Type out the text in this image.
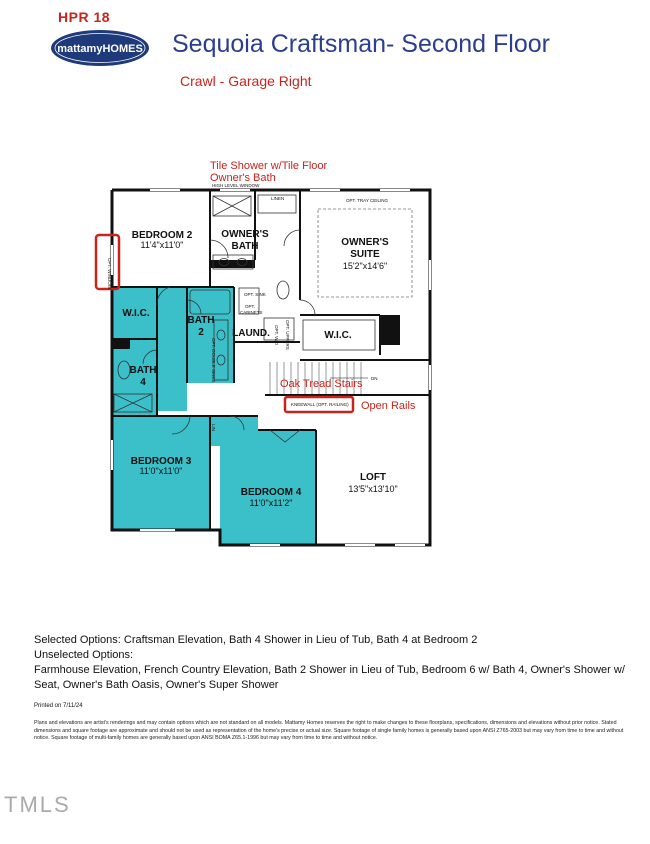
HPR 18
mattamyHOMES Sequoia Craftsman- Second Floor
Crawl - Garage Right
HIGH LEVEL WINDOW
LINEN	OPT. TRAY CEILING
OPT. WINDOW
OPT. SINK
OPT.
CABINETS
OPT. W/D OPT. UPPERS
OPT. DOUBLE SINKS
LIN
DN
KNEEWALL (OPT. RAILING)
BEDROOM 2
11'4"x11'0"
OWNER'S
BATH	OWNER'S
SUITE
15'2"x14'6"
W.I.C.
BATH
2	LAUND.	W.I.C.
BATH
4
BEDROOM 3
11'0"x11'0"
BEDROOM 4
11'0"x11'2"
LOFT
13'5"x13'10"
Tile Shower w/Tile Floor
Owner's Bath
Oak Tread Stairs
Open Rails
Selected Options: Craftsman Elevation, Bath 4 Shower in Lieu of Tub, Bath 4 at Bedroom 2
Unselected Options:
Farmhouse Elevation, French Country Elevation, Bath 2 Shower in Lieu of Tub, Bedroom 6 w/ Bath 4, Owner's Shower w/
Seat, Owner's Bath Oasis, Owner's Super Shower
Printed on 7/11/24
Plans and elevations are artist's renderings and may contain options which are not standard on all models. Mattamy Homes reserves the right to make changes to these floorplans, specifications, dimensions and elevations without prior notice. Stated dimensions and square footage are approximate and should not be used as representation of the home's precise or actual size. Square footage of single family homes is generally based upon ANSI Z765-2003 but may vary from time to time and without notice. Square footage of multi-family homes are generally based upon ANSI BOMA Z65.1-1996 but may vary from time to time and without notice.
TMLS
